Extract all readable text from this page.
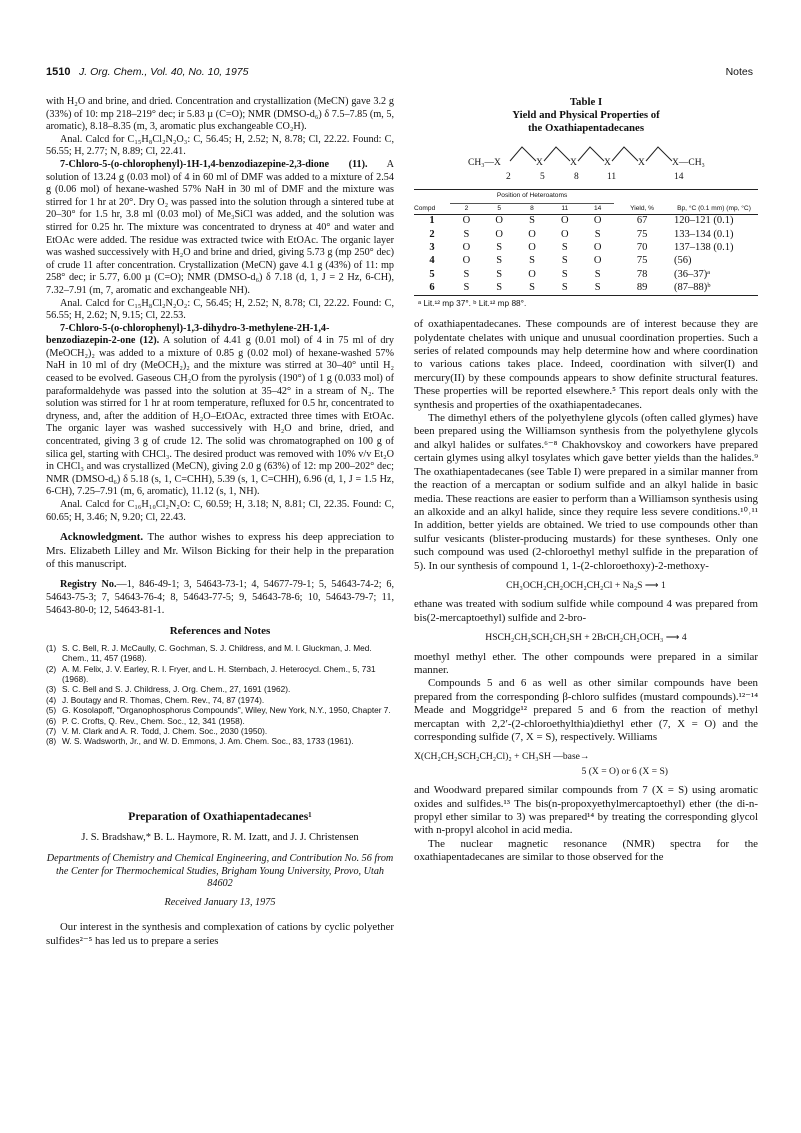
1510 J. Org. Chem., Vol. 40, No. 10, 1975	Notes

with H₂O and brine, and dried. Concentration and crystallization (MeCN) gave 3.2 g (33%) of 10: mp 218–219° dec; ir 5.83 µ (C=O); NMR (DMSO-d₆) δ 7.5–7.85 (m, 5, aromatic), 8.18–8.35 (m, 3, aromatic plus exchangeable CO₂H).

Anal. Calcd for C₁₅H₈Cl₂N₂O₃: C, 56.45; H, 2.52; N, 8.78; Cl, 22.22. Found: C, 56.55; H, 2.77; N, 8.89; Cl, 22.41.

7-Chloro-5-(o-chlorophenyl)-1H-1,4-benzodiazepine-2,3-dione (11). A solution of 13.24 g (0.03 mol) of 4 in 60 ml of DMF was added to a mixture of 2.54 g (0.06 mol) of hexane-washed 57% NaH in 30 ml of DMF and the mixture was stirred for 1 hr at 20°. Dry O₂ was passed into the solution through a sintered tube at 20–30° for 1.5 hr, 3.8 ml (0.03 mol) of Me₃SiCl was added, and the solution was stirred for 0.25 hr. The mixture was concentrated to dryness at 40° and water and EtOAc were added. The residue was extracted twice with EtOAc. The organic layer was washed successively with H₂O and brine and dried, giving 5.73 g (mp 250° dec) of crude 11 after concentration. Crystallization (MeCN) gave 4.1 g (43%) of 11: mp 258° dec; ir 5.77, 6.00 µ (C=O); NMR (DMSO-d₆) δ 7.18 (d, 1, J = 2 Hz, 6-CH), 7.32–7.91 (m, 7, aromatic and exchangeable NH).

Anal. Calcd for C₁₅H₈Cl₂N₂O₂: C, 56.45; H, 2.52; N, 8.78; Cl, 22.22. Found: C, 56.55; H, 2.62; N, 9.15; Cl, 22.53.

7-Chloro-5-(o-chlorophenyl)-1,3-dihydro-3-methylene-2H-1,4-benzodiazepin-2-one (12). A solution of 4.41 g (0.01 mol) of 4 in 75 ml of dry (MeOCH₂)₂ was added to a mixture of 0.85 g (0.02 mol) of hexane-washed 57% NaH in 10 ml of dry (MeOCH₂)₂ and the mixture was stirred at 30–40° until H₂ ceased to be evolved. Gaseous CH₂O from the pyrolysis (190°) of 1 g (0.033 mol) of paraformaldehyde was passed into the solution at 35–42° in a stream of N₂. The solution was stirred for 1 hr at room temperature, refluxed for 0.5 hr, concentrated to dryness, and, after the addition of H₂O–EtOAc, extracted three times with EtOAc. The organic layer was washed successively with H₂O and brine, dried, and concentrated, giving 3 g of crude 12. The solid was chromatographed on 100 g of silica gel, starting with CHCl₃. The desired product was removed with 10% v/v Et₂O in CHCl₃ and was crystallized (MeCN), giving 2.0 g (63%) of 12: mp 200–202° dec; NMR (DMSO-d₆) δ 5.18 (s, 1, C=CHH), 5.39 (s, 1, C=CHH), 6.96 (d, 1, J = 1.5 Hz, 6-CH), 7.25–7.91 (m, 6, aromatic), 11.12 (s, 1, NH).

Anal. Calcd for C₁₆H₁₀Cl₂N₂O: C, 60.59; H, 3.18; N, 8.81; Cl, 22.35. Found: C, 60.65; H, 3.46; N, 9.20; Cl, 22.43.

Acknowledgment. The author wishes to express his deep appreciation to Mrs. Elizabeth Lilley and Mr. Wilson Bicking for their help in the preparation of this manuscript.

Registry No.—1, 846-49-1; 3, 54643-73-1; 4, 54677-79-1; 5, 54643-74-2; 6, 54643-75-3; 7, 54643-76-4; 8, 54643-77-5; 9, 54643-78-6; 10, 54643-79-7; 11, 54643-80-0; 12, 54643-81-1.

References and Notes
(1) S. C. Bell, R. J. McCaully, C. Gochman, S. J. Childress, and M. I. Gluckman, J. Med. Chem., 11, 457 (1968).
(2) A. M. Felix, J. V. Earley, R. I. Fryer, and L. H. Sternbach, J. Heterocycl. Chem., 5, 731 (1968).
(3) S. C. Bell and S. J. Childress, J. Org. Chem., 27, 1691 (1962).
(4) J. Boutagy and R. Thomas, Chem. Rev., 74, 87 (1974).
(5) G. Kosolapoff, "Organophosphorus Compounds", Wiley, New York, N.Y., 1950, Chapter 7.
(6) P. C. Crofts, Q. Rev., Chem. Soc., 12, 341 (1958).
(7) V. M. Clark and A. R. Todd, J. Chem. Soc., 2030 (1950).
(8) W. S. Wadsworth, Jr., and W. D. Emmons, J. Am. Chem. Soc., 83, 1733 (1961).
Preparation of Oxathiapentadecanes¹
J. S. Bradshaw,* B. L. Haymore, R. M. Izatt, and J. J. Christensen
Departments of Chemistry and Chemical Engineering, and Contribution No. 56 from the Center for Thermochemical Studies, Brigham Young University, Provo, Utah 84602
Received January 13, 1975

Our interest in the synthesis and complexation of cations by cyclic polyether sulfides²⁻⁵ has led us to prepare a series

Table I
Yield and Physical Properties of
the Oxathiapentadecanes
CH₃—X	X	X	X	X	X—CH₃
2	5	8	11	14
	Position of Heteroatoms						
Compd	2	5	8	11	14	Yield, %	Bp, °C (0.1 mm) (mp, °C)
1	O	O	S	O	O	67	120–121 (0.1)
2	S	O	O	O	S	75	133–134 (0.1)
3	O	S	O	S	O	70	137–138 (0.1)
4	O	S	S	S	O	75	(56)
5	S	S	O	S	S	78	(36–37)ᵃ
6	S	S	S	S	S	89	(87–88)ᵇ
ᵃ Lit.¹² mp 37°. ᵇ Lit.¹² mp 88°.

of oxathiapentadecanes. These compounds are of interest because they are polydentate chelates with unique and unusual coordination properties. Such a series of related compounds may help determine how and where coordination to various cations takes place. Indeed, coordination with silver(I) and mercury(II) by these compounds appears to show definite structural features. These properties will be reported elsewhere.⁵ This report deals only with the synthesis and properties of the oxathiapentadecanes.

The dimethyl ethers of the polyethylene glycols (often called glymes) have been prepared using the Williamson synthesis from the polyethylene glycols and alkyl halides or sulfates.⁶⁻⁸ Chakhovskoy and coworkers have prepared certain glymes using alkyl tosylates which gave better yields than the halides.⁹ The oxathiapentadecanes (see Table I) were prepared in a similar manner from the reaction of a mercaptan or sodium sulfide and an alkyl halide in basic media. These reactions are easier to perform than a Williamson synthesis using an alkoxide and an alkyl halide, since they require less severe conditions.¹⁰˒¹¹ In addition, better yields are obtained. We tried to use compounds other than sulfur vesicants (blister-producing mustards) for these syntheses. Only one such compound was used (2-chloroethyl methyl sulfide in the preparation of 5). In our synthesis of compound 1, 1-(2-chloroethoxy)-2-methoxy-

CH₃OCH₂CH₂OCH₂CH₂Cl + Na₂S ⟶ 1

ethane was treated with sodium sulfide while compound 4 was prepared from bis(2-mercaptoethyl) sulfide and 2-bro-

HSCH₂CH₂SCH₂CH₂SH + 2BrCH₂CH₂OCH₃ ⟶ 4

moethyl methyl ether. The other compounds were prepared in a similar manner.

Compounds 5 and 6 as well as other similar compounds have been prepared from the corresponding β-chloro sulfides (mustard compounds).¹²⁻¹⁴ Meade and Moggridge¹² prepared 5 and 6 from the reaction of methyl mercaptan with 2,2′-(2-chloroethylthia)diethyl ether (7, X = O) and the corresponding sulfide (7, X = S), respectively. Williams

X(CH₂CH₂SCH₂CH₂Cl)₂ + CH₃SH —base→
5 (X = O) or 6 (X = S)

and Woodward prepared similar compounds from 7 (X = S) using aromatic oxides and sulfides.¹³ The bis(n-propoxyethylmercaptoethyl) ether (the di-n-propyl ether similar to 3) was prepared¹⁴ by treating the corresponding glycol with n-propyl alcohol in acid media.

The nuclear magnetic resonance (NMR) spectra for the oxathiapentadecanes are similar to those observed for the
